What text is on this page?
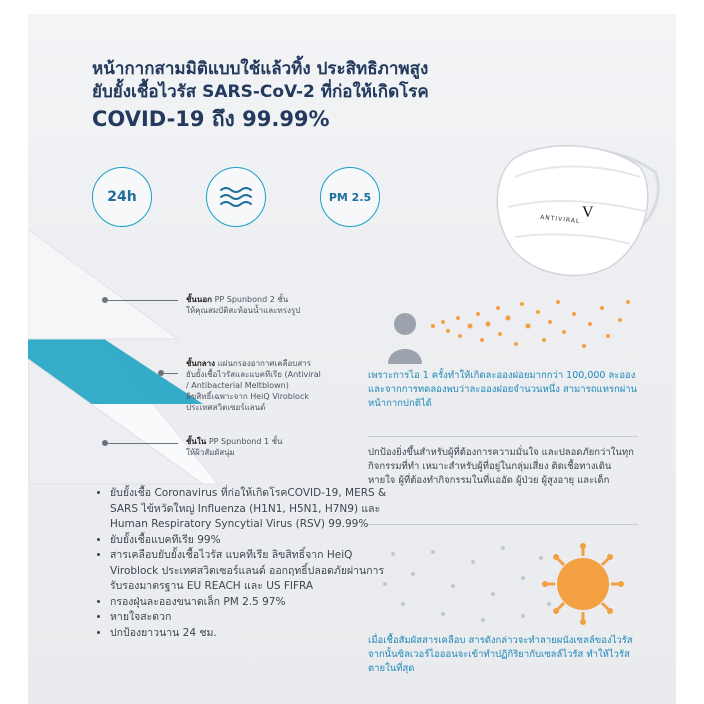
หน้ากากสามมิติแบบใช้แล้วทิ้ง ประสิทธิภาพสูง
ยับยั้งเชื้อไวรัส SARS-CoV-2 ที่ก่อให้เกิดโรค
COVID-19 ถึง 99.99%
24h	PM 2.5
ANTIVIRAL V
ชั้นนอก PP Spunbond 2 ชั้น
ให้คุณสมบัติสะท้อนน้ำและทรงรูป
ชั้นกลาง แผ่นกรองอากาศเคลือบสาร
ยับยั้งเชื้อไวรัสและแบคทีเรีย (Antiviral
/ Antibacterial Meltblown)
ลิขสิทธิ์เฉพาะจาก HeiQ Viroblock
ประเทศสวิตเซอร์แลนด์
ชั้นใน PP Spunbond 1 ชั้น
ให้ผิวสัมผัสนุ่ม
• ยับยั้งเชื้อ Coronavirus ที่ก่อให้เกิดโรคCOVID-19, MERS & SARS ไข้หวัดใหญ่ Influenza (H1N1, H5N1, H7N9) และ Human Respiratory Syncytial Virus (RSV) 99.99%
• ยับยั้งเชื้อแบคทีเรีย 99%
• สารเคลือบยับยั้งเชื้อไวรัส แบคทีเรีย ลิขสิทธิ์จาก HeiQ Viroblock ประเทศสวิตเซอร์แลนด์ ออกฤทธิ์ปลอดภัยผ่านการรับรองมาตรฐาน EU REACH และ US FIFRA
• กรองฝุ่นละอองขนาดเล็ก PM 2.5 97%
• หายใจสะดวก
• ปกป้องยาวนาน 24 ชม.
เพราะการไอ 1 ครั้งทำให้เกิดละอองฝอยมากกว่า 100,000 ละออง และจากการทดลองพบว่าละอองฝอยจำนวนหนึ่ง สามารถแทรกผ่านหน้ากากปกติได้
ปกป้องยิ่งขึ้นสำหรับผู้ที่ต้องการความมั่นใจ และปลอดภัยกว่าในทุกกิจกรรมที่ทำ เหมาะสำหรับผู้ที่อยู่ในกลุ่มเสี่ยง ติดเชื้อทางเดินหายใจ ผู้ที่ต้องทำกิจกรรมในที่แออัด ผู้ป่วย ผู้สูงอายุ และเด็ก
เมื่อเชื้อสัมผัสสารเคลือบ สารดังกล่าวจะทำลายผนังเซลล์ของไวรัส จากนั้นซิลเวอร์ไอออนจะเข้าทำปฏิกิริยากับเซลล์ไวรัส ทำให้ไวรัสตายในที่สุด
